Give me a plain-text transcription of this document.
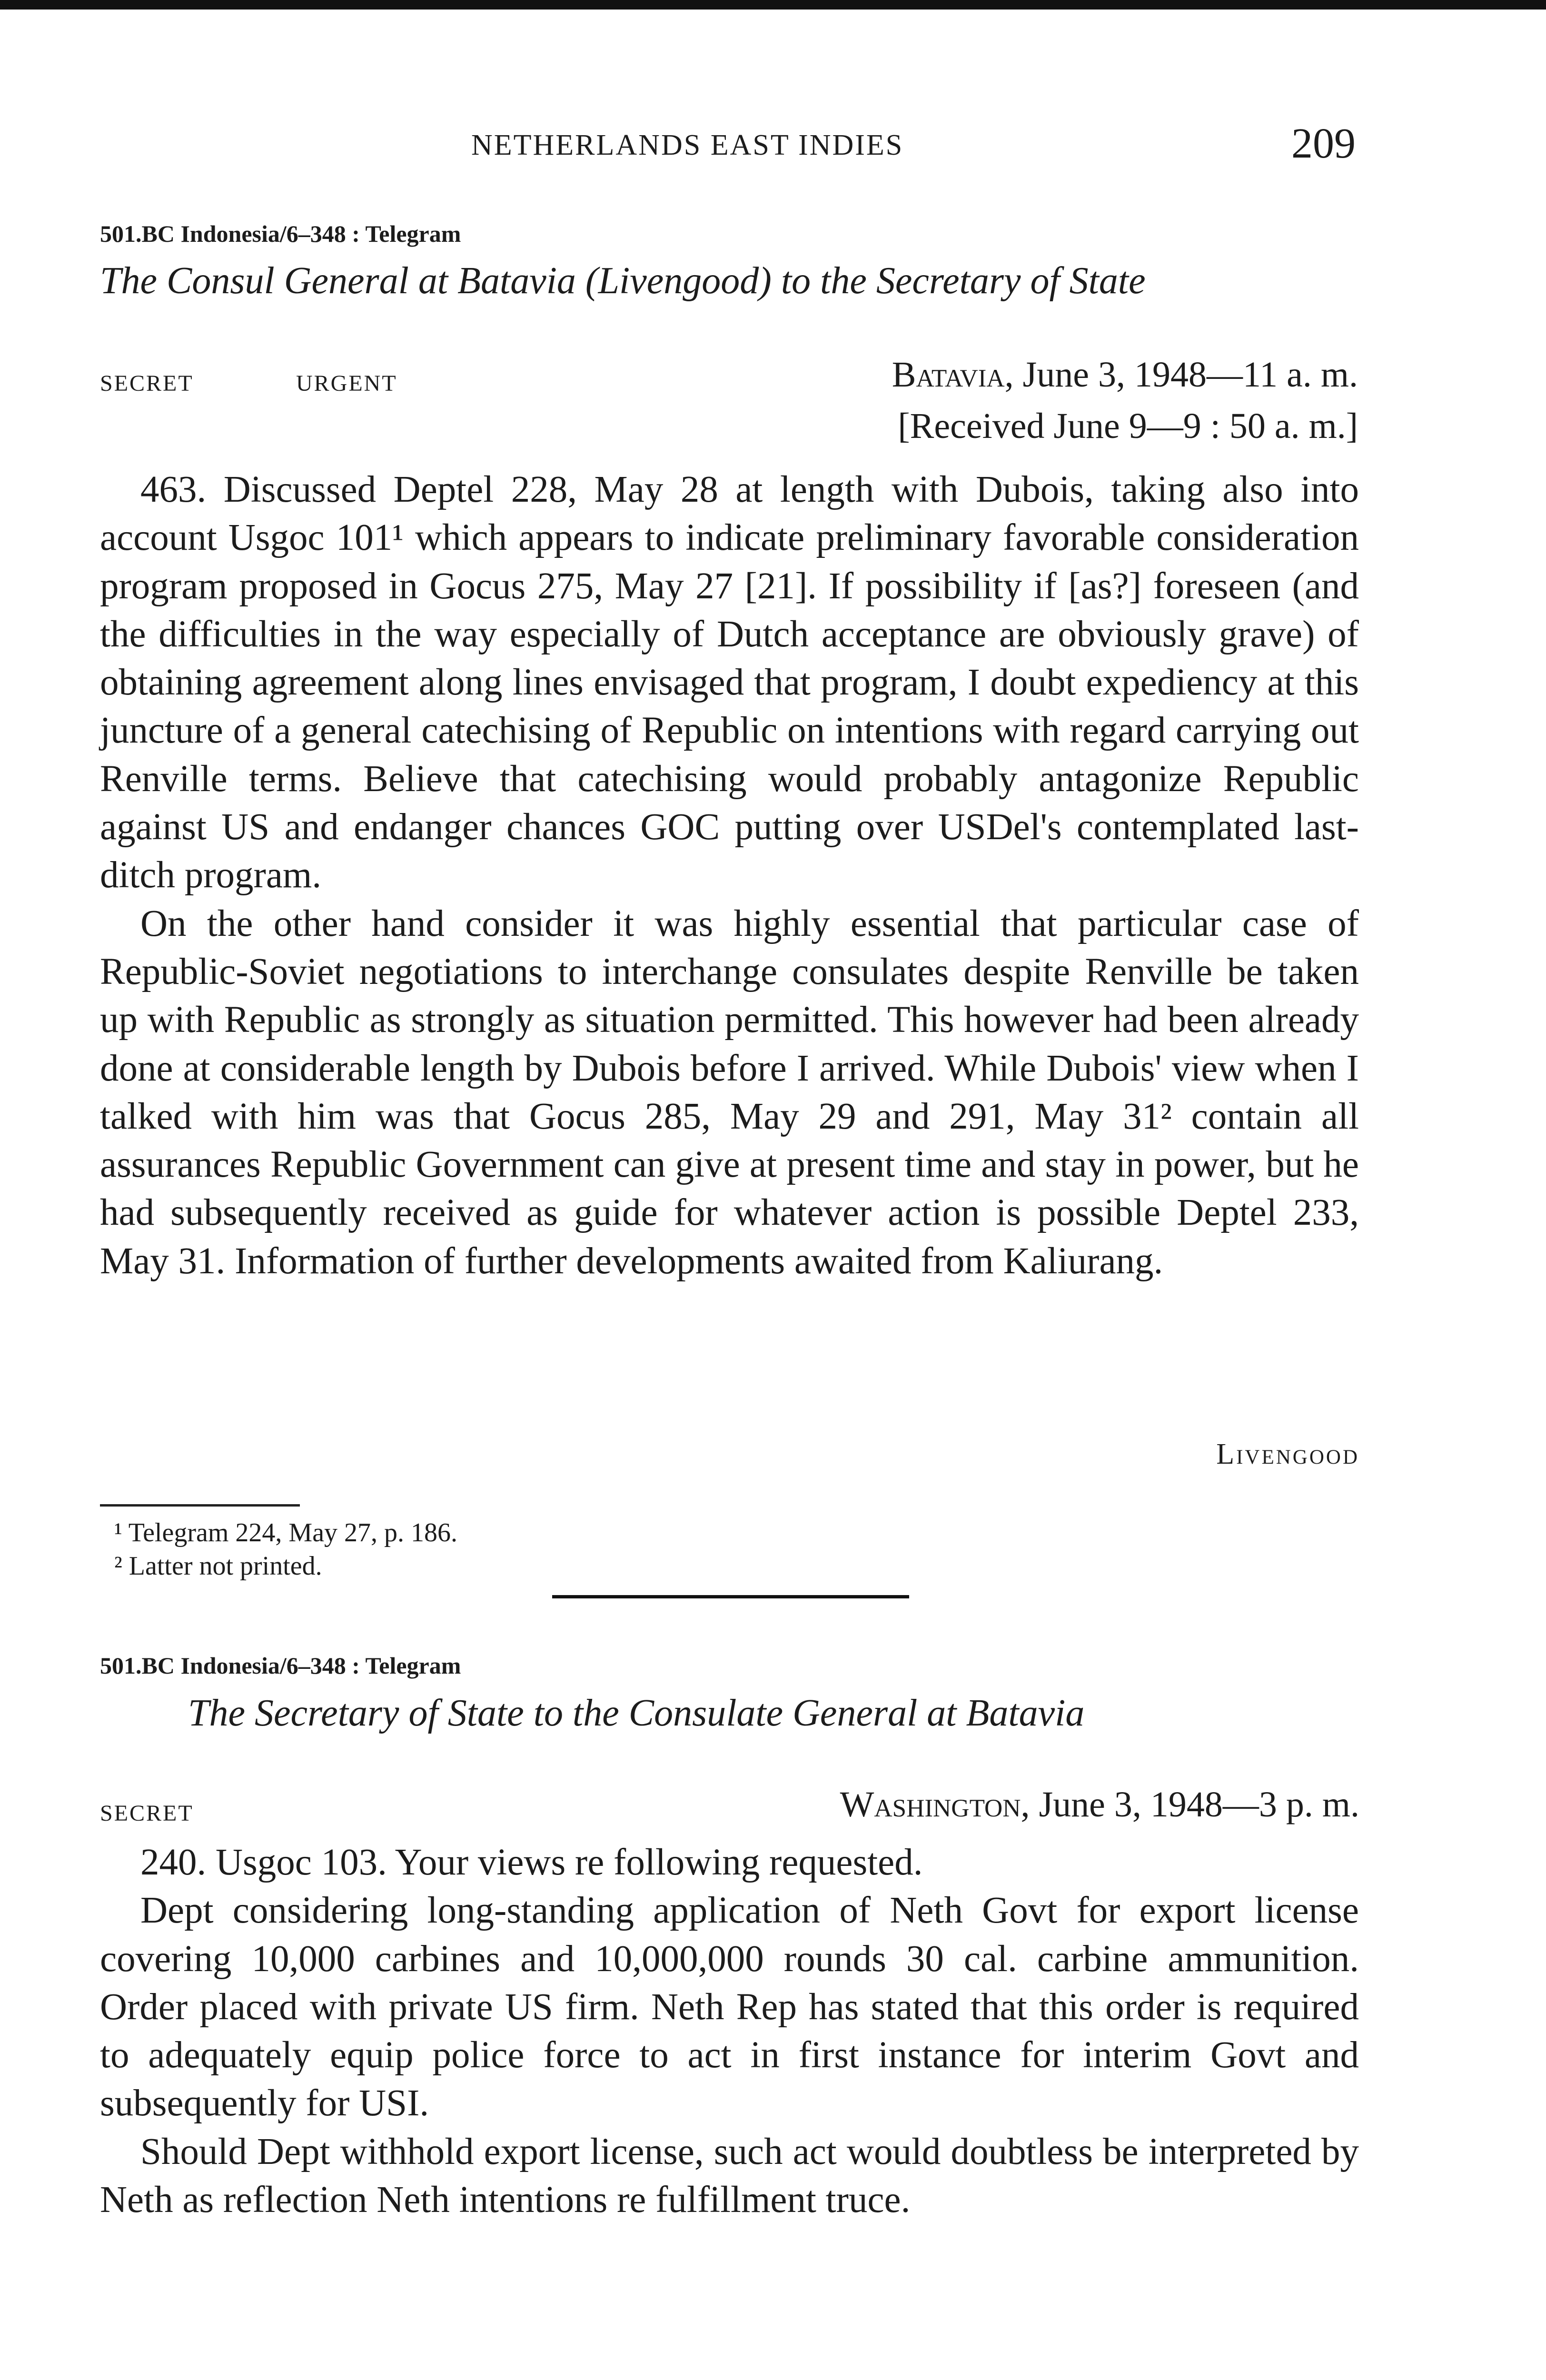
NETHERLANDS EAST INDIES	209
501.BC Indonesia/6–348 : Telegram
The Consul General at Batavia (Livengood) to the Secretary of State
SECRET	URGENT	Batavia, June 3, 1948—11 a. m.
[Received June 9—9 : 50 a. m.]

463. Discussed Deptel 228, May 28 at length with Dubois, taking also into account Usgoc 101¹ which appears to indicate preliminary favorable consideration program proposed in Gocus 275, May 27 [21]. If possibility if [as?] foreseen (and the difficulties in the way especially of Dutch acceptance are obviously grave) of obtaining agreement along lines envisaged that program, I doubt expediency at this juncture of a general catechising of Republic on intentions with regard carrying out Renville terms. Believe that catechising would probably antagonize Republic against US and endanger chances GOC putting over USDel's contemplated last-ditch program.

On the other hand consider it was highly essential that particular case of Republic-Soviet negotiations to interchange consulates despite Renville be taken up with Republic as strongly as situation permitted. This however had been already done at considerable length by Dubois before I arrived. While Dubois' view when I talked with him was that Gocus 285, May 29 and 291, May 31² contain all assurances Republic Government can give at present time and stay in power, but he had subsequently received as guide for whatever action is possible Deptel 233, May 31. Information of further developments awaited from Kaliurang.

Livengood
¹ Telegram 224, May 27, p. 186.
² Latter not printed.
501.BC Indonesia/6–348 : Telegram
The Secretary of State to the Consulate General at Batavia
SECRET	Washington, June 3, 1948—3 p. m.

240. Usgoc 103. Your views re following requested.

Dept considering long-standing application of Neth Govt for export license covering 10,000 carbines and 10,000,000 rounds 30 cal. carbine ammunition. Order placed with private US firm. Neth Rep has stated that this order is required to adequately equip police force to act in first instance for interim Govt and subsequently for USI.

Should Dept withhold export license, such act would doubtless be interpreted by Neth as reflection Neth intentions re fulfillment truce.
